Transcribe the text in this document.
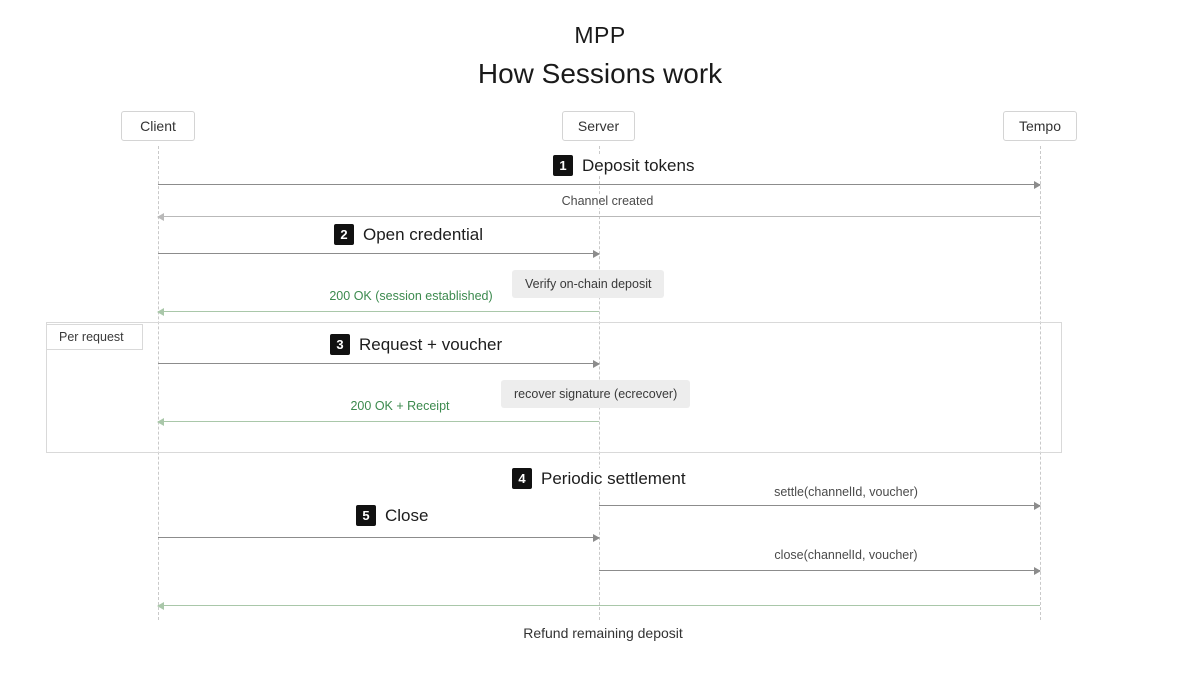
MPP
How Sessions work
Client	Server	Tempo
Per request
1 Deposit tokens
Channel created
2 Open credential
Verify on-chain deposit
200 OK (session established)
3 Request + voucher
recover signature (ecrecover)
200 OK + Receipt
4 Periodic settlement
settle(channelId, voucher)
5 Close
close(channelId, voucher)
Refund remaining deposit
